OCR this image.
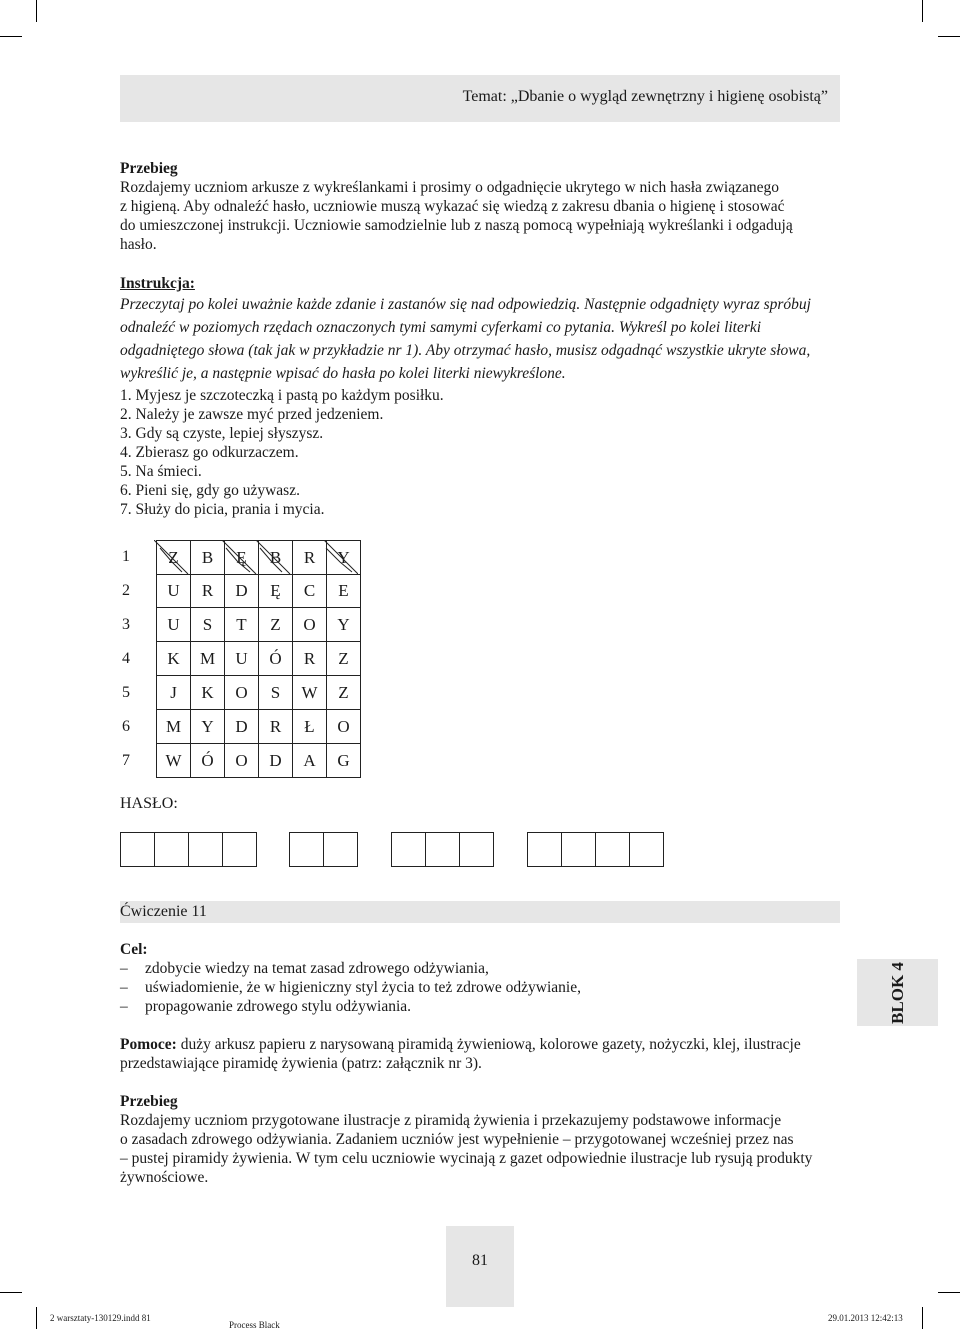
Temat: „Dbanie o wygląd zewnętrzny i higienę osobistą”
Przebieg
Rozdajemy uczniom arkusze z wykreślankami i prosimy o odgadnięcie ukrytego w nich hasła związanego
z higieną. Aby odnaleźć hasło, uczniowie muszą wykazać się wiedzą z zakresu dbania o higienę i stosować
do umieszczonej instrukcji. Uczniowie samodzielnie lub z naszą pomocą wypełniają wykreślanki i odgadują
hasło.
Instrukcja:
Przeczytaj po kolei uważnie każde zdanie i zastanów się nad odpowiedzią. Następnie odgadnięty wyraz spróbuj
odnaleźć w poziomych rzędach oznaczonych tymi samymi cyferkami co pytania. Wykreśl po kolei literki
odgadniętego słowa (tak jak w przykładzie nr 1). Aby otrzymać hasło, musisz odgadnąć wszystkie ukryte słowa,
wykreślić je, a następnie wpisać do hasła po kolei literki niewykreślone.
1. Myjesz je szczoteczką i pastą po każdym posiłku.
2. Należy je zawsze myć przed jedzeniem.
3. Gdy są czyste, lepiej słyszysz.
4. Zbierasz go odkurzaczem.
5. Na śmieci.
6. Pieni się, gdy go używasz.
7. Służy do picia, prania i mycia.
1	Z	B	Ę	B	R	Y
2	U	R	D	Ę	C	E
3	U	S	T	Z	O	Y
4	K	M	U	Ó	R	Z
5	J	K	O	S	W	Z
6	M	Y	D	R	Ł	O
7	W	Ó	O	D	A	G
HASŁO:
Ćwiczenie 11
Cel:
– zdobycie wiedzy na temat zasad zdrowego odżywiania,
– uświadomienie, że w higieniczny styl życia to też zdrowe odżywianie,
– propagowanie zdrowego stylu odżywiania.
Pomoce: duży arkusz papieru z narysowaną piramidą żywieniową, kolorowe gazety, nożyczki, klej, ilustracje
przedstawiające piramidę żywienia (patrz: załącznik nr 3).
Przebieg
Rozdajemy uczniom przygotowane ilustracje z piramidą żywienia i przekazujemy podstawowe informacje
o zasadach zdrowego odżywiania. Zadaniem uczniów jest wypełnienie – przygotowanej wcześniej przez nas
– pustej piramidy żywienia. W tym celu uczniowie wycinają z gazet odpowiednie ilustracje lub rysują produkty
żywnościowe.
BLOK 4
81
2 warsztaty-130129.indd 81
Process Black
29.01.2013 12:42:13
